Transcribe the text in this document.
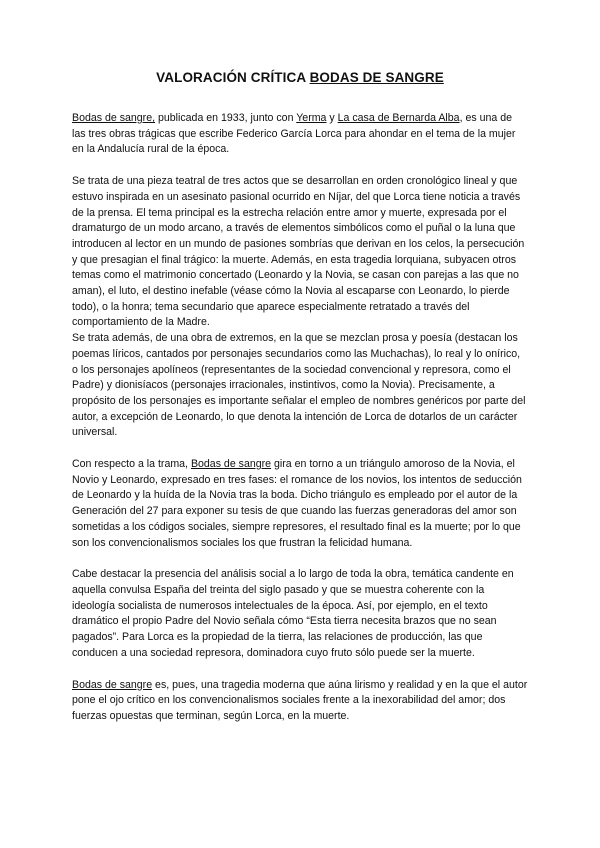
VALORACIÓN CRÍTICA BODAS DE SANGRE

Bodas de sangre, publicada en 1933, junto con Yerma y La casa de Bernarda Alba, es una de las tres obras trágicas que escribe Federico García Lorca para ahondar en el tema de la mujer en la Andalucía rural de la época.

Se trata de una pieza teatral de tres actos que se desarrollan en orden cronológico lineal y que estuvo inspirada en un asesinato pasional ocurrido en Níjar, del que Lorca tiene noticia a través de la prensa. El tema principal es la estrecha relación entre amor y muerte, expresada por el dramaturgo de un modo arcano, a través de elementos simbólicos como el puñal o la luna que introducen al lector en un mundo de pasiones sombrías que derivan en los celos, la persecución y que presagian el final trágico: la muerte. Además, en esta tragedia lorquiana, subyacen otros temas como el matrimonio concertado (Leonardo y la Novia, se casan con parejas a las que no aman), el luto, el destino inefable (véase cómo la Novia al escaparse con Leonardo, lo pierde todo), o la honra; tema secundario que aparece especialmente retratado a través del comportamiento de la Madre.

Se trata además, de una obra de extremos, en la que se mezclan prosa y poesía (destacan los poemas líricos, cantados por personajes secundarios como las Muchachas), lo real y lo onírico, o los personajes apolíneos (representantes de la sociedad convencional y represora, como el Padre) y dionisíacos (personajes irracionales, instintivos, como la Novia). Precisamente, a propósito de los personajes es importante señalar el empleo de nombres genéricos por parte del autor, a excepción de Leonardo, lo que denota la intención de Lorca de dotarlos de un carácter universal.

Con respecto a la trama, Bodas de sangre gira en torno a un triángulo amoroso de la Novia, el Novio y Leonardo, expresado en tres fases: el romance de los novios, los intentos de seducción de Leonardo y la huída de la Novia tras la boda. Dicho triángulo es empleado por el autor de la Generación del 27 para exponer su tesis de que cuando las fuerzas generadoras del amor son sometidas a los códigos sociales, siempre represores, el resultado final es la muerte; por lo que son los convencionalismos sociales los que frustran la felicidad humana.

Cabe destacar la presencia del análisis social a lo largo de toda la obra, temática candente en aquella convulsa España del treinta del siglo pasado y que se muestra coherente con la ideología socialista de numerosos intelectuales de la época. Así, por ejemplo, en el texto dramático el propio Padre del Novio señala cómo “Esta tierra necesita brazos que no sean pagados”. Para Lorca es la propiedad de la tierra, las relaciones de producción, las que conducen a una sociedad represora, dominadora cuyo fruto sólo puede ser la muerte.

Bodas de sangre es, pues, una tragedia moderna que aúna lirismo y realidad y en la que el autor pone el ojo crítico en los convencionalismos sociales frente a la inexorabilidad del amor; dos fuerzas opuestas que terminan, según Lorca, en la muerte.
